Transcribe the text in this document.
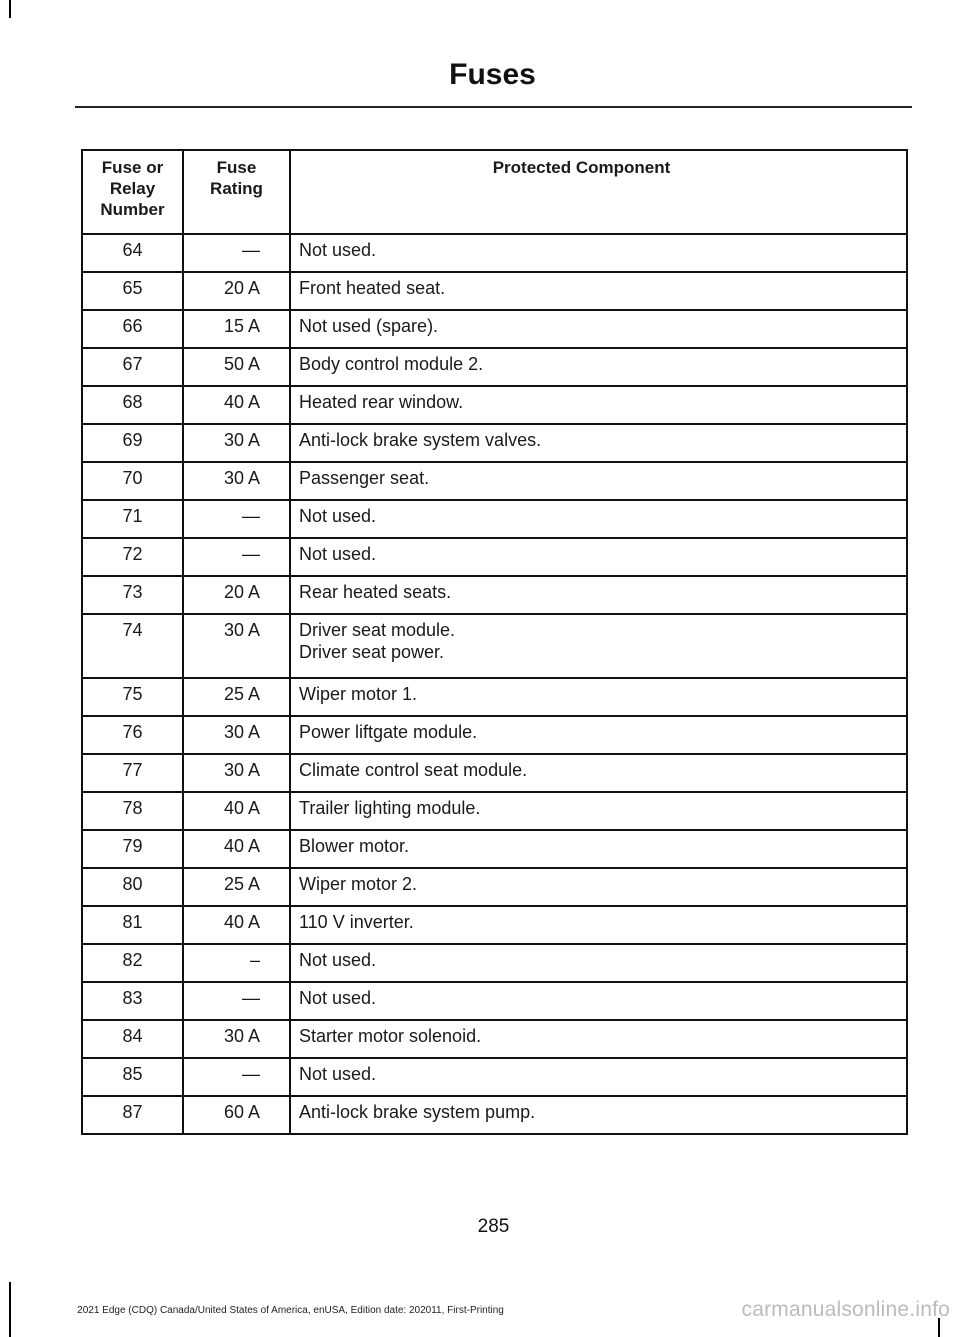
Fuses
Fuse or
Relay
Number	Fuse
Rating	Protected Component
64	—	Not used.

65	20 A	Front heated seat.

66	15 A	Not used (spare).

67	50 A	Body control module 2.

68	40 A	Heated rear window.

69	30 A	Anti-lock brake system valves.

70	30 A	Passenger seat.

71	—	Not used.

72	—	Not used.

73	20 A	Rear heated seats.

74	30 A	Driver seat module.
Driver seat power.

75	25 A	Wiper motor 1.

76	30 A	Power liftgate module.

77	30 A	Climate control seat module.

78	40 A	Trailer lighting module.

79	40 A	Blower motor.

80	25 A	Wiper motor 2.

81	40 A	110 V inverter.

82	–	Not used.

83	—	Not used.

84	30 A	Starter motor solenoid.

85	—	Not used.

87	60 A	Anti-lock brake system pump.
285
2021 Edge (CDQ) Canada/United States of America, enUSA, Edition date: 202011, First-Printing	carmanualsonline.info
